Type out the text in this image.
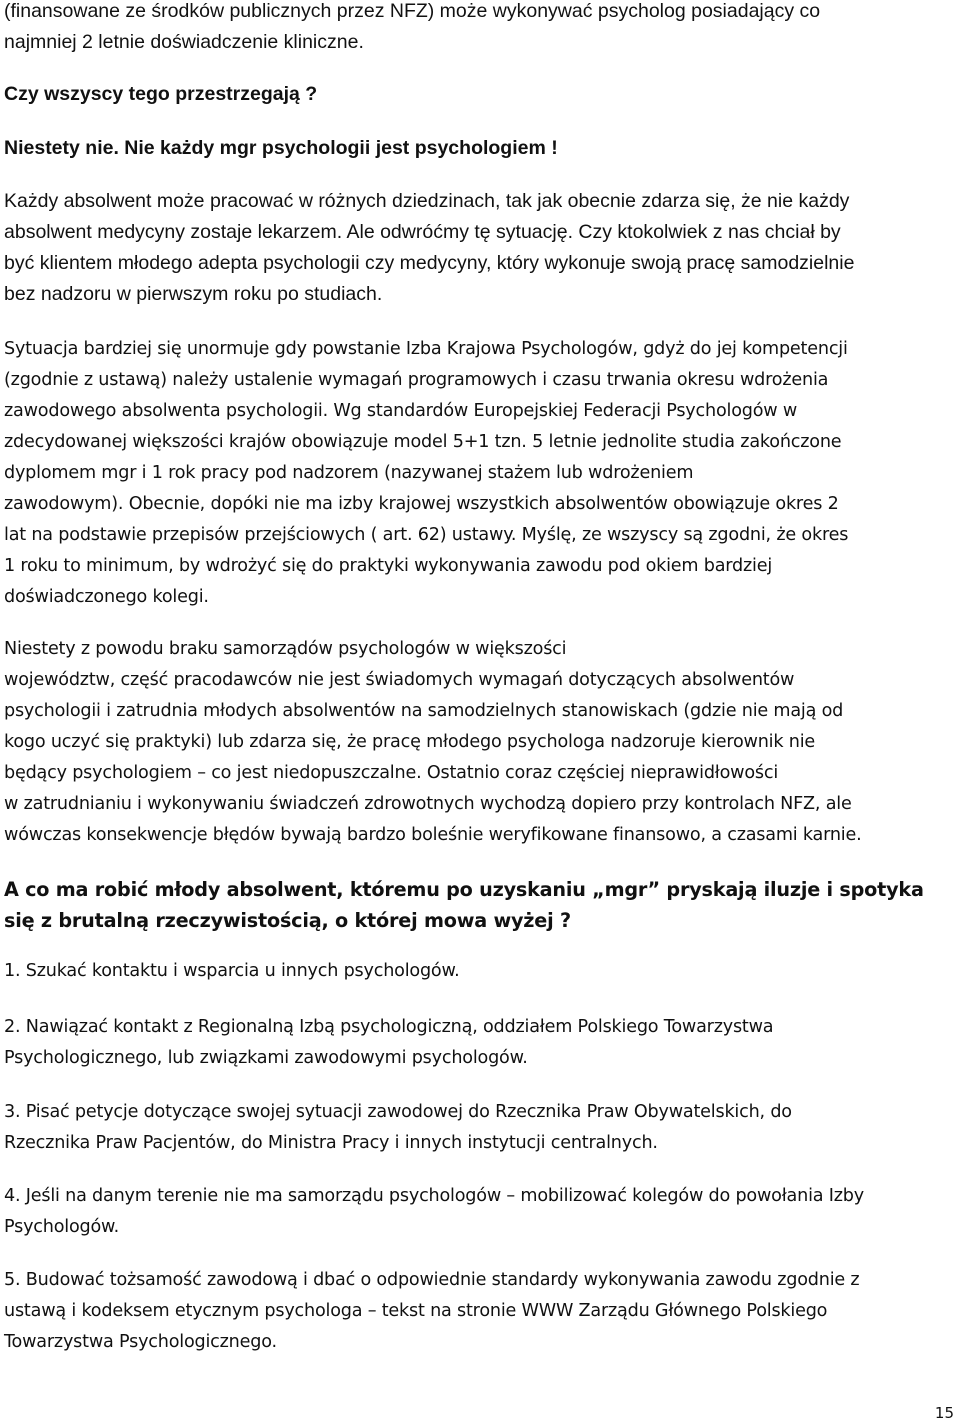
(finansowane ze środków publicznych przez NFZ) może wykonywać psycholog posiadający co
najmniej 2 letnie doświadczenie kliniczne.

Czy wszyscy tego przestrzegają ?

Niestety nie. Nie każdy mgr psychologii jest psychologiem !

Każdy absolwent może pracować w różnych dziedzinach, tak jak obecnie zdarza się, że nie każdy
absolwent medycyny zostaje lekarzem. Ale odwróćmy tę sytuację. Czy ktokolwiek z nas chciał by
być klientem młodego adepta psychologii czy medycyny, który wykonuje swoją pracę samodzielnie
bez nadzoru w pierwszym roku po studiach.

Sytuacja bardziej się unormuje gdy powstanie Izba Krajowa Psychologów, gdyż do jej kompetencji
(zgodnie z ustawą) należy ustalenie wymagań programowych i czasu trwania okresu wdrożenia
zawodowego absolwenta psychologii. Wg standardów Europejskiej Federacji Psychologów w
zdecydowanej większości krajów obowiązuje model 5+1 tzn. 5 letnie jednolite studia zakończone
dyplomem mgr i 1 rok pracy pod nadzorem (nazywanej stażem lub wdrożeniem
zawodowym). Obecnie, dopóki nie ma izby krajowej wszystkich absolwentów obowiązuje okres 2
lat na podstawie przepisów przejściowych ( art. 62) ustawy. Myślę, ze wszyscy są zgodni, że okres
1 roku to minimum, by wdrożyć się do praktyki wykonywania zawodu pod okiem bardziej
doświadczonego kolegi.

Niestety z powodu braku samorządów psychologów w większości
województw, część pracodawców nie jest świadomych wymagań dotyczących absolwentów
psychologii i zatrudnia młodych absolwentów na samodzielnych stanowiskach (gdzie nie mają od
kogo uczyć się praktyki) lub zdarza się, że pracę młodego psychologa nadzoruje kierownik nie
będący psychologiem – co jest niedopuszczalne. Ostatnio coraz częściej nieprawidłowości
w zatrudnianiu i wykonywaniu świadczeń zdrowotnych wychodzą dopiero przy kontrolach NFZ, ale
wówczas konsekwencje błędów bywają bardzo boleśnie weryfikowane finansowo, a czasami karnie.

A co ma robić młody absolwent, któremu po uzyskaniu „mgr” pryskają iluzje i spotyka
się z brutalną rzeczywistością, o której mowa wyżej ?

1. Szukać kontaktu i wsparcia u innych psychologów.

2. Nawiązać kontakt z Regionalną Izbą psychologiczną, oddziałem Polskiego Towarzystwa
Psychologicznego, lub związkami zawodowymi psychologów.

3. Pisać petycje dotyczące swojej sytuacji zawodowej do Rzecznika Praw Obywatelskich, do
Rzecznika Praw Pacjentów, do Ministra Pracy i innych instytucji centralnych.

4. Jeśli na danym terenie nie ma samorządu psychologów – mobilizować kolegów do powołania Izby
Psychologów.

5. Budować tożsamość zawodową i dbać o odpowiednie standardy wykonywania zawodu zgodnie z
ustawą i kodeksem etycznym psychologa – tekst na stronie WWW Zarządu Głównego Polskiego
Towarzystwa Psychologicznego.

15
